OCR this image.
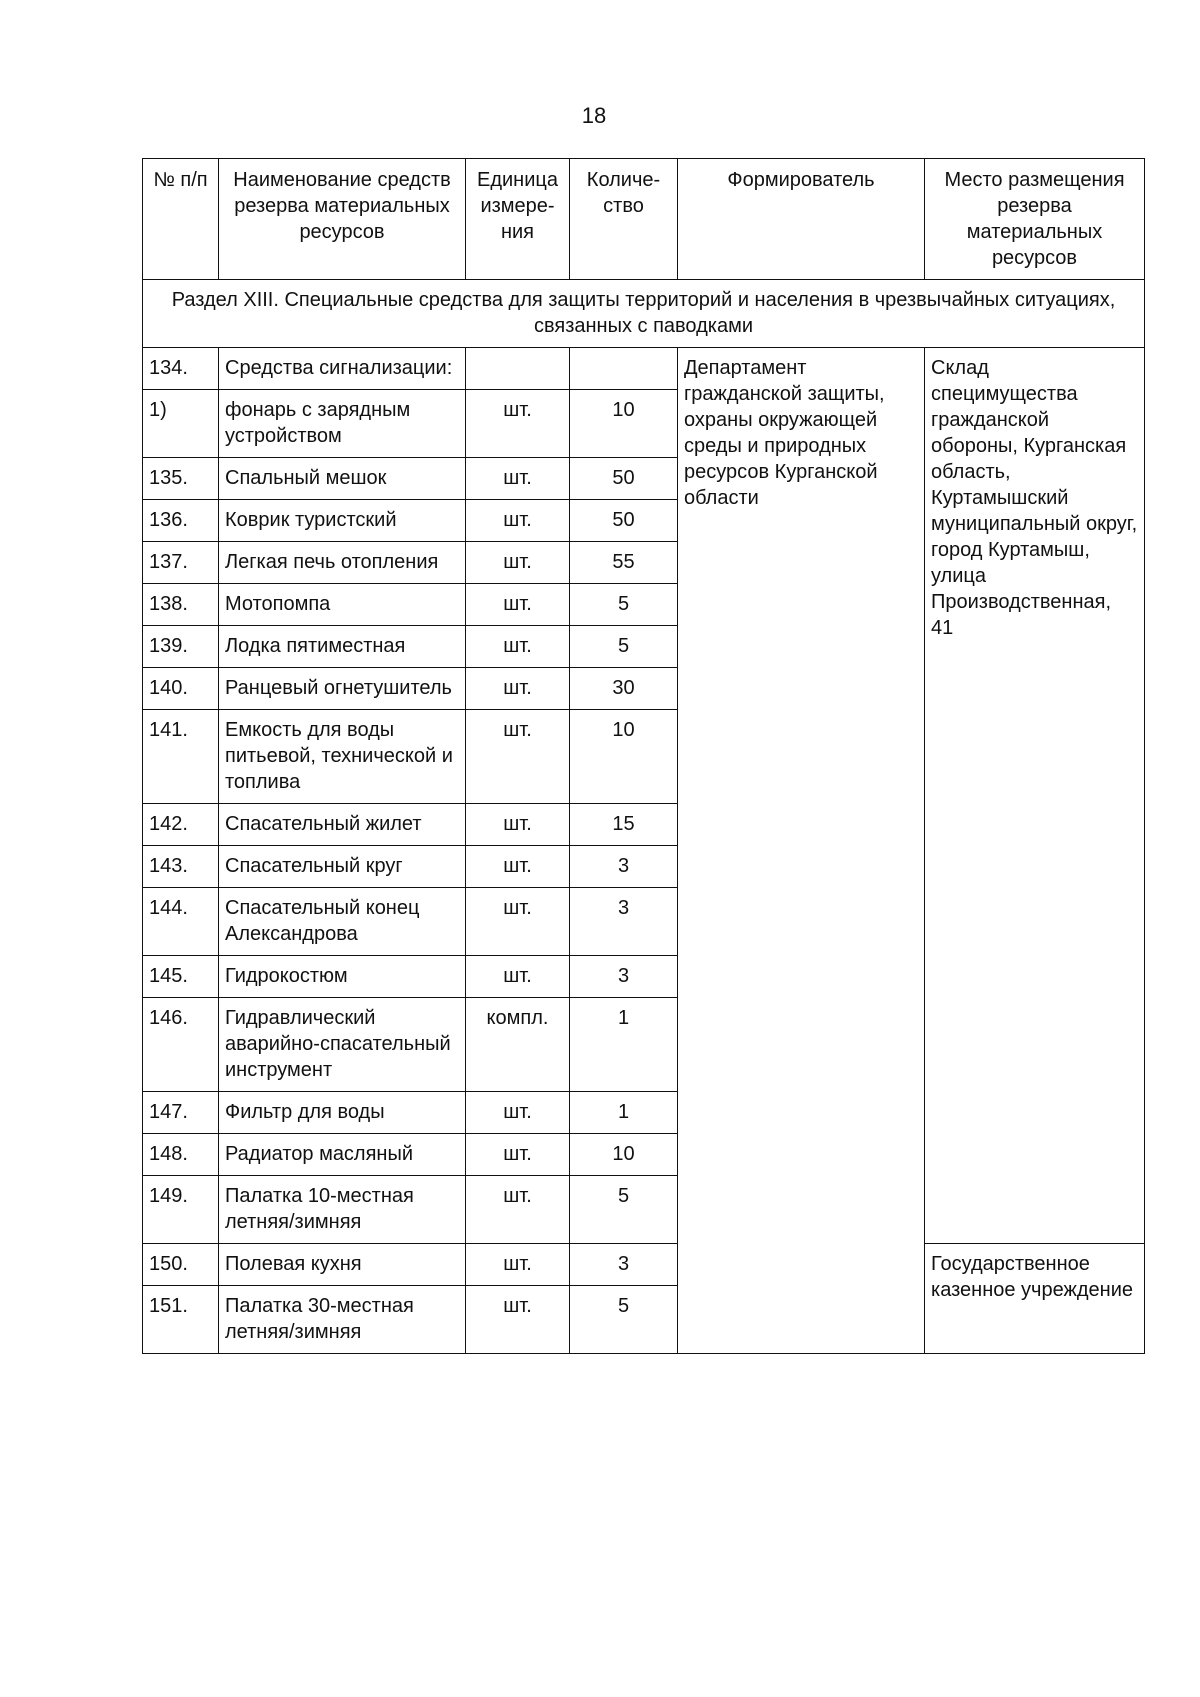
18
№ п/п	Наименование средств резерва материальных ресурсов	Единица измере-ния	Количе-ство	Формирователь	Место размещения резерва материальных ресурсов
Раздел XIII. Специальные средства для защиты территорий и населения в чрезвычайных ситуациях, связанных с паводками					
134.	Средства сигнализации:			Департамент гражданской защиты, охраны окружающей среды и природных ресурсов Курганской области	Склад специмущества гражданской обороны, Курганская область, Куртамышский муниципальный округ, город Куртамыш, улица Производственная, 41
1)	фонарь с зарядным устройством	шт.	10		
135.	Спальный мешок	шт.	50		
136.	Коврик туристский	шт.	50		
137.	Легкая печь отопления	шт.	55		
138.	Мотопомпа	шт.	5		
139.	Лодка пятиместная	шт.	5		
140.	Ранцевый огнетушитель	шт.	30		
141.	Емкость для воды питьевой, технической и топлива	шт.	10		
142.	Спасательный жилет	шт.	15		
143.	Спасательный круг	шт.	3		
144.	Спасательный конец Александрова	шт.	3		
145.	Гидрокостюм	шт.	3		
146.	Гидравлический аварийно-спасательный инструмент	компл.	1		
147.	Фильтр для воды	шт.	1		
148.	Радиатор масляный	шт.	10		
149.	Палатка 10-местная летняя/зимняя	шт.	5		
150.	Полевая кухня	шт.	3		Государственное казенное учреждение
151.	Палатка 30-местная летняя/зимняя	шт.	5		
